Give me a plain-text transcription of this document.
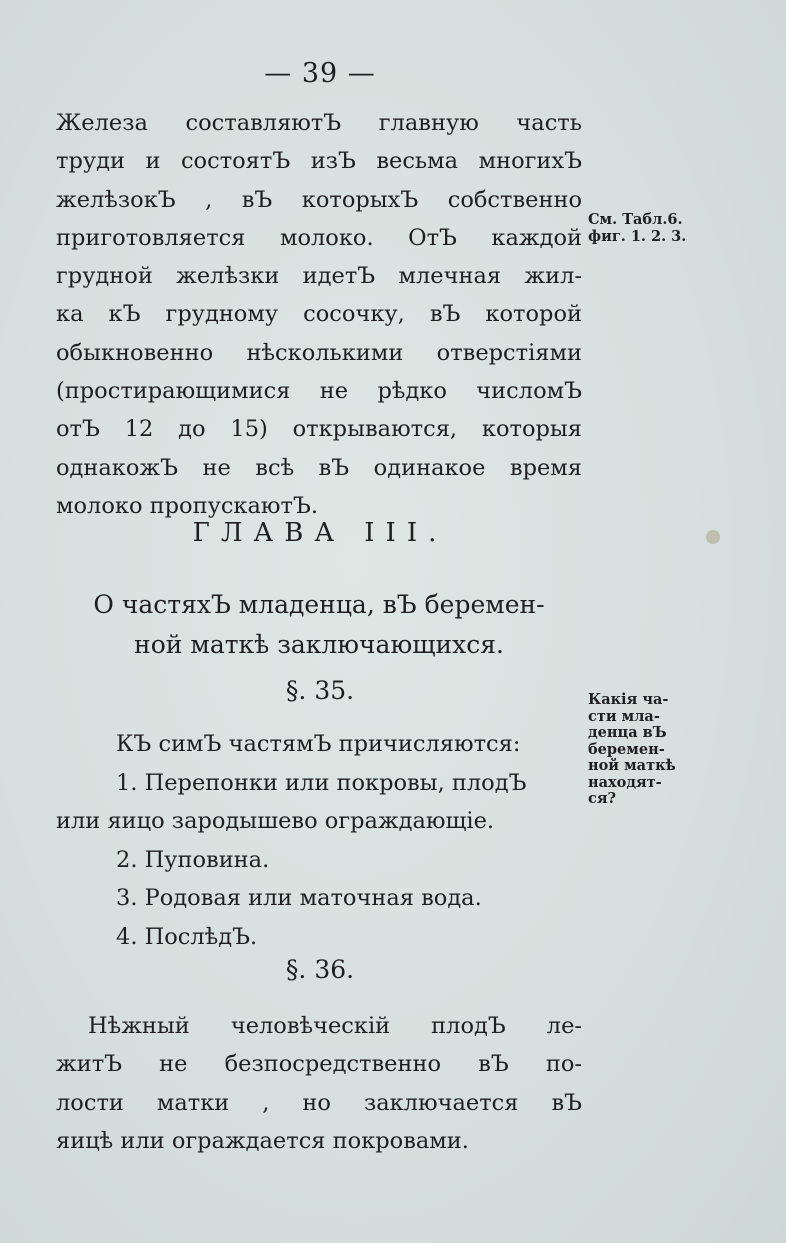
— 39 —
Железа составляютЪ главную часть
труди и состоятЪ изЪ весьма многихЪ
желѣзокЪ , вЪ которыхЪ собственно
приготовляется молоко. ОтЪ каждой
грудной желѣзки идетЪ млечная жил-
ка кЪ грудному сосочку, вЪ которой
обыкновенно нѣсколькими отверстiями
(простирающимися не рѣдко числомЪ
отЪ 12 до 15) открываются, которыя
однакожЪ не всѣ вЪ одинакое время
молоко пропускаютЪ.
См. Табл.6.
фиг. 1. 2. 3.
ГЛАВА III.
О частяхЪ младенца, вЪ беремен-
ной маткѣ заключающихся.
§. 35.
КЪ симЪ частямЪ причисляются:
1. Перепонки или покровы, плодЪ
или яицо зародышево ограждающiе.
2. Пуповина.
3. Родовая или маточная вода.
4. ПослѣдЪ.
Какiя ча-
сти мла-
денца вЪ
беремен-
ной маткѣ
находят-
ся?
§. 36.
Нѣжный человѣческiй плодЪ ле-
житЪ не безпосредственно вЪ по-
лости матки , но заключается вЪ
яицѣ или ограждается покровами.
